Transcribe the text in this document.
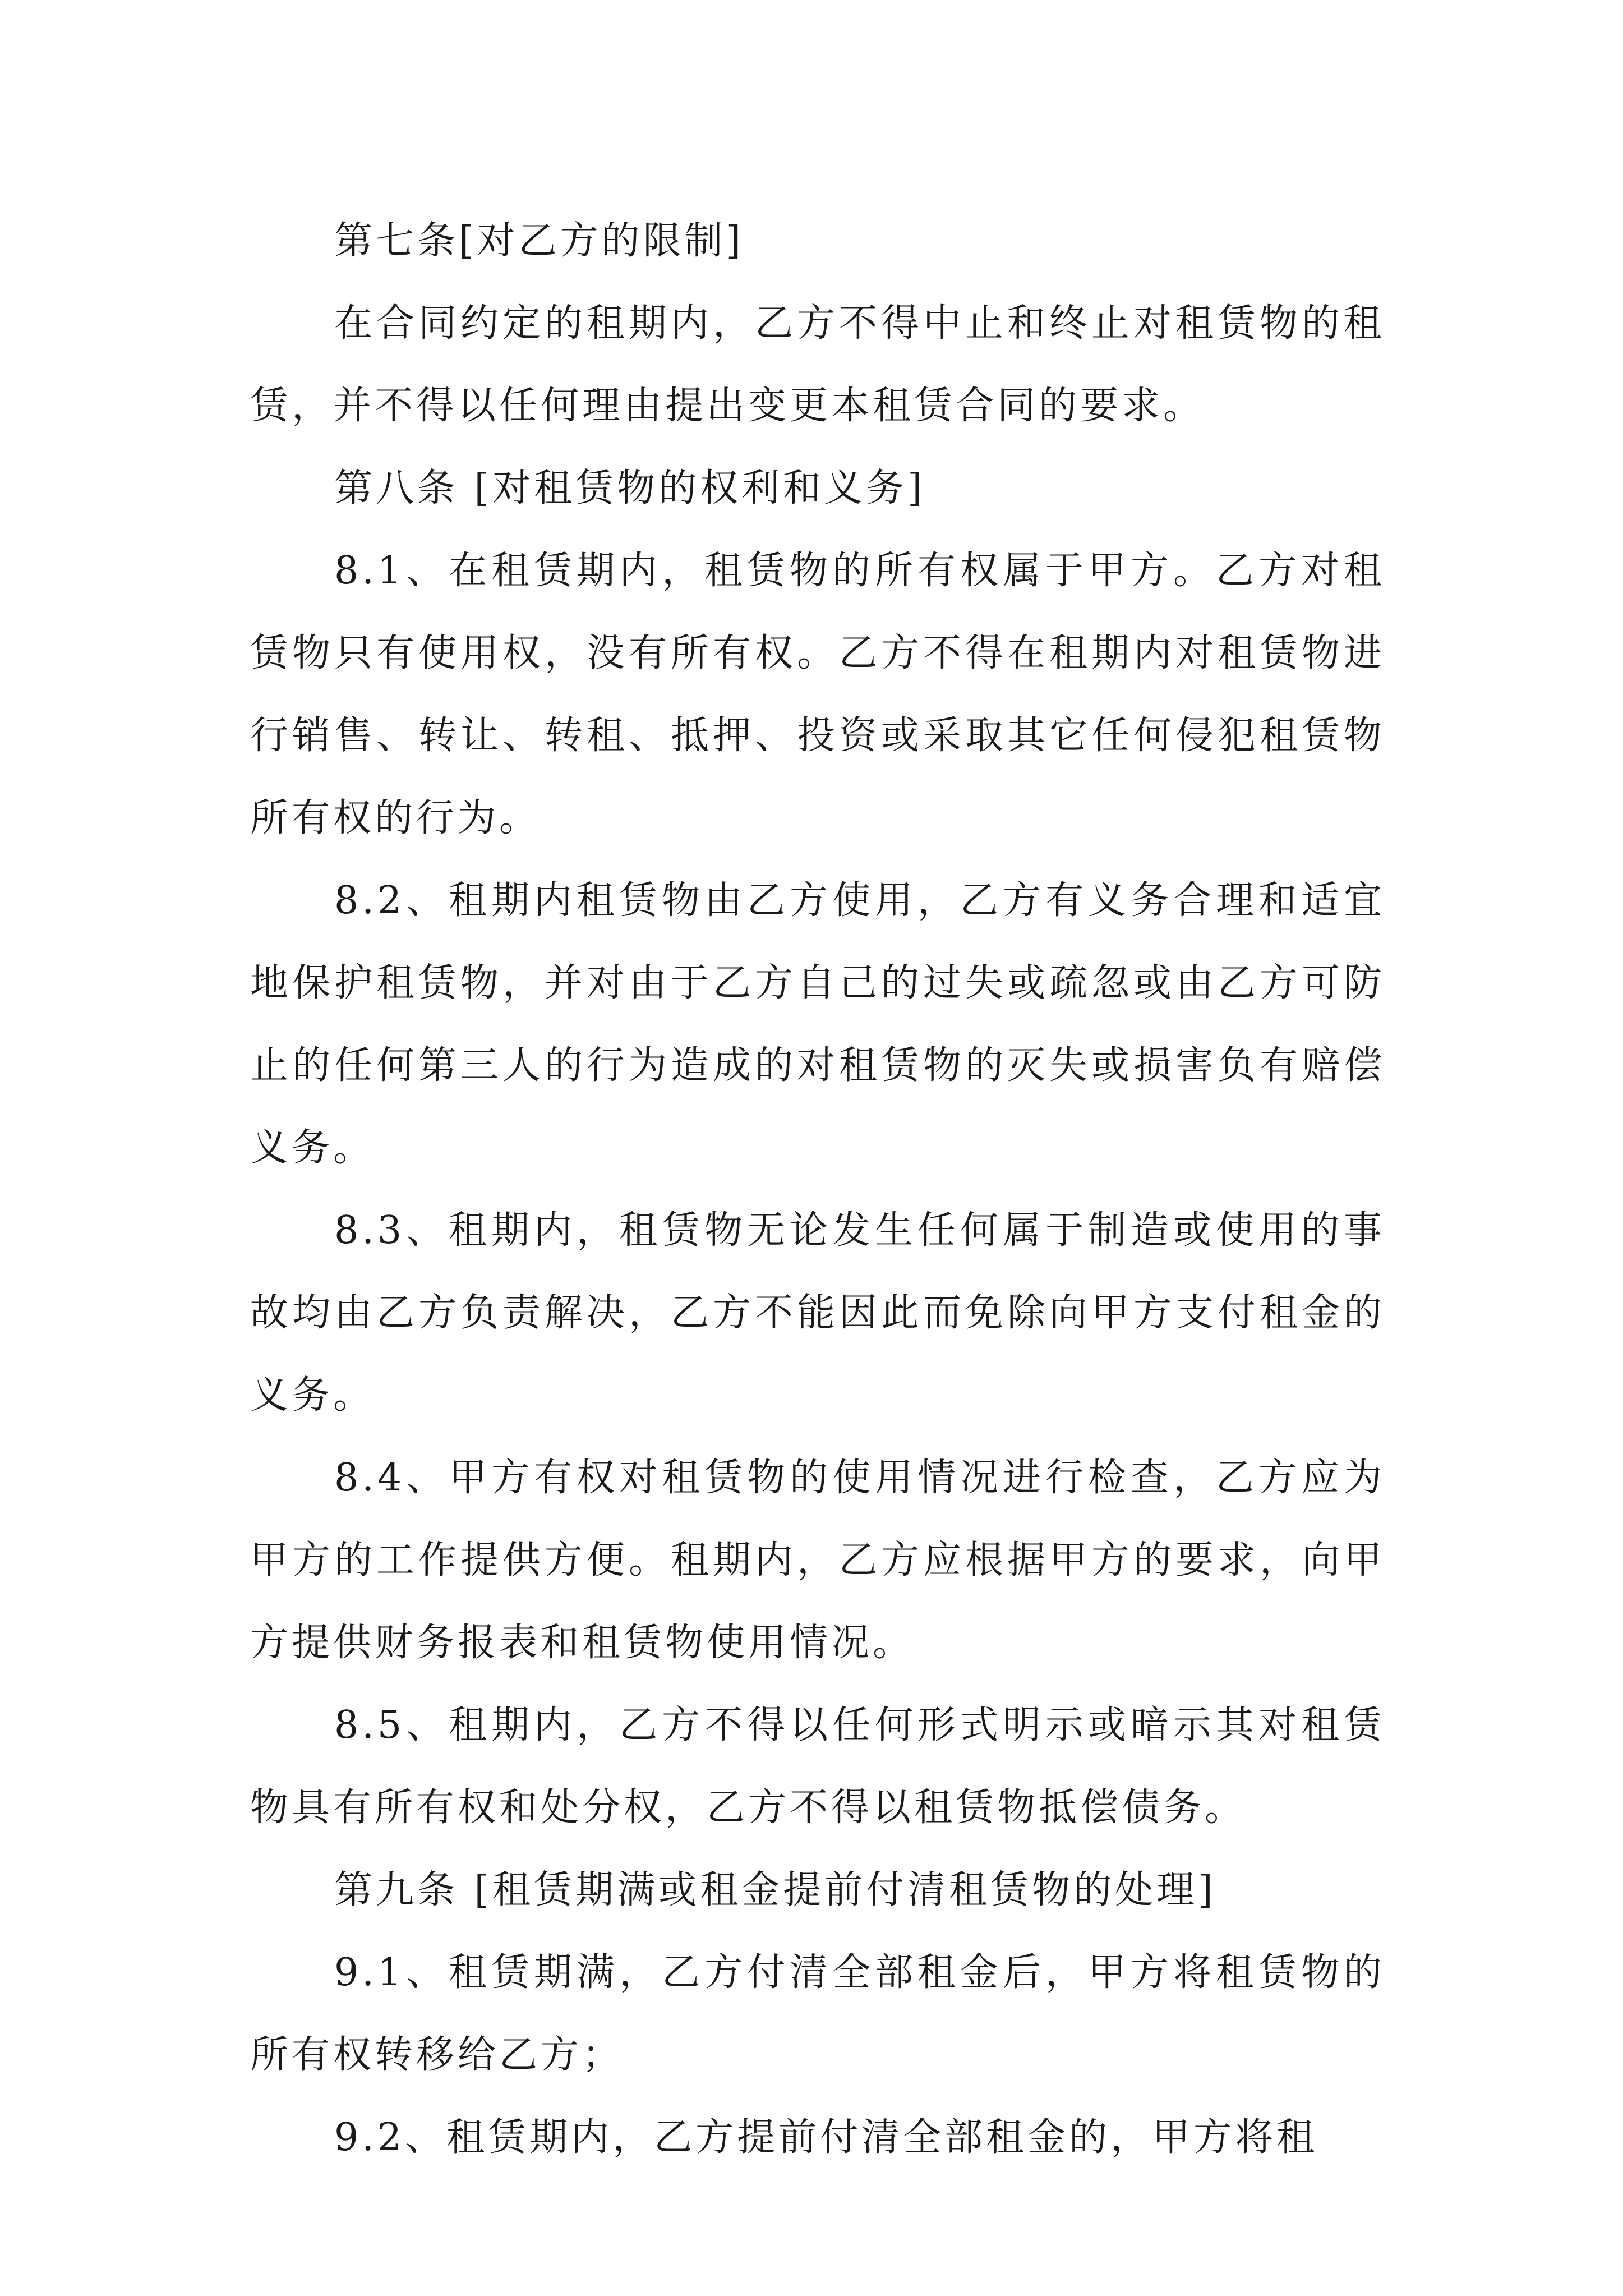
第七条[对乙方的限制]

在合同约定的租期内，乙方不得中止和终止对租赁物的租赁，并不得以任何理由提出变更本租赁合同的要求。

第八条 [对租赁物的权利和义务]

8.1、在租赁期内，租赁物的所有权属于甲方。乙方对租赁物只有使用权，没有所有权。乙方不得在租期内对租赁物进行销售、转让、转租、抵押、投资或采取其它任何侵犯租赁物所有权的行为。

8.2、租期内租赁物由乙方使用，乙方有义务合理和适宜地保护租赁物，并对由于乙方自己的过失或疏忽或由乙方可防止的任何第三人的行为造成的对租赁物的灭失或损害负有赔偿义务。

8.3、租期内，租赁物无论发生任何属于制造或使用的事故均由乙方负责解决，乙方不能因此而免除向甲方支付租金的义务。

8.4、甲方有权对租赁物的使用情况进行检查，乙方应为甲方的工作提供方便。租期内，乙方应根据甲方的要求，向甲方提供财务报表和租赁物使用情况。

8.5、租期内，乙方不得以任何形式明示或暗示其对租赁物具有所有权和处分权，乙方不得以租赁物抵偿债务。

第九条 [租赁期满或租金提前付清租赁物的处理]

9.1、租赁期满，乙方付清全部租金后，甲方将租赁物的所有权转移给乙方；

9.2、租赁期内，乙方提前付清全部租金的，甲方将租
